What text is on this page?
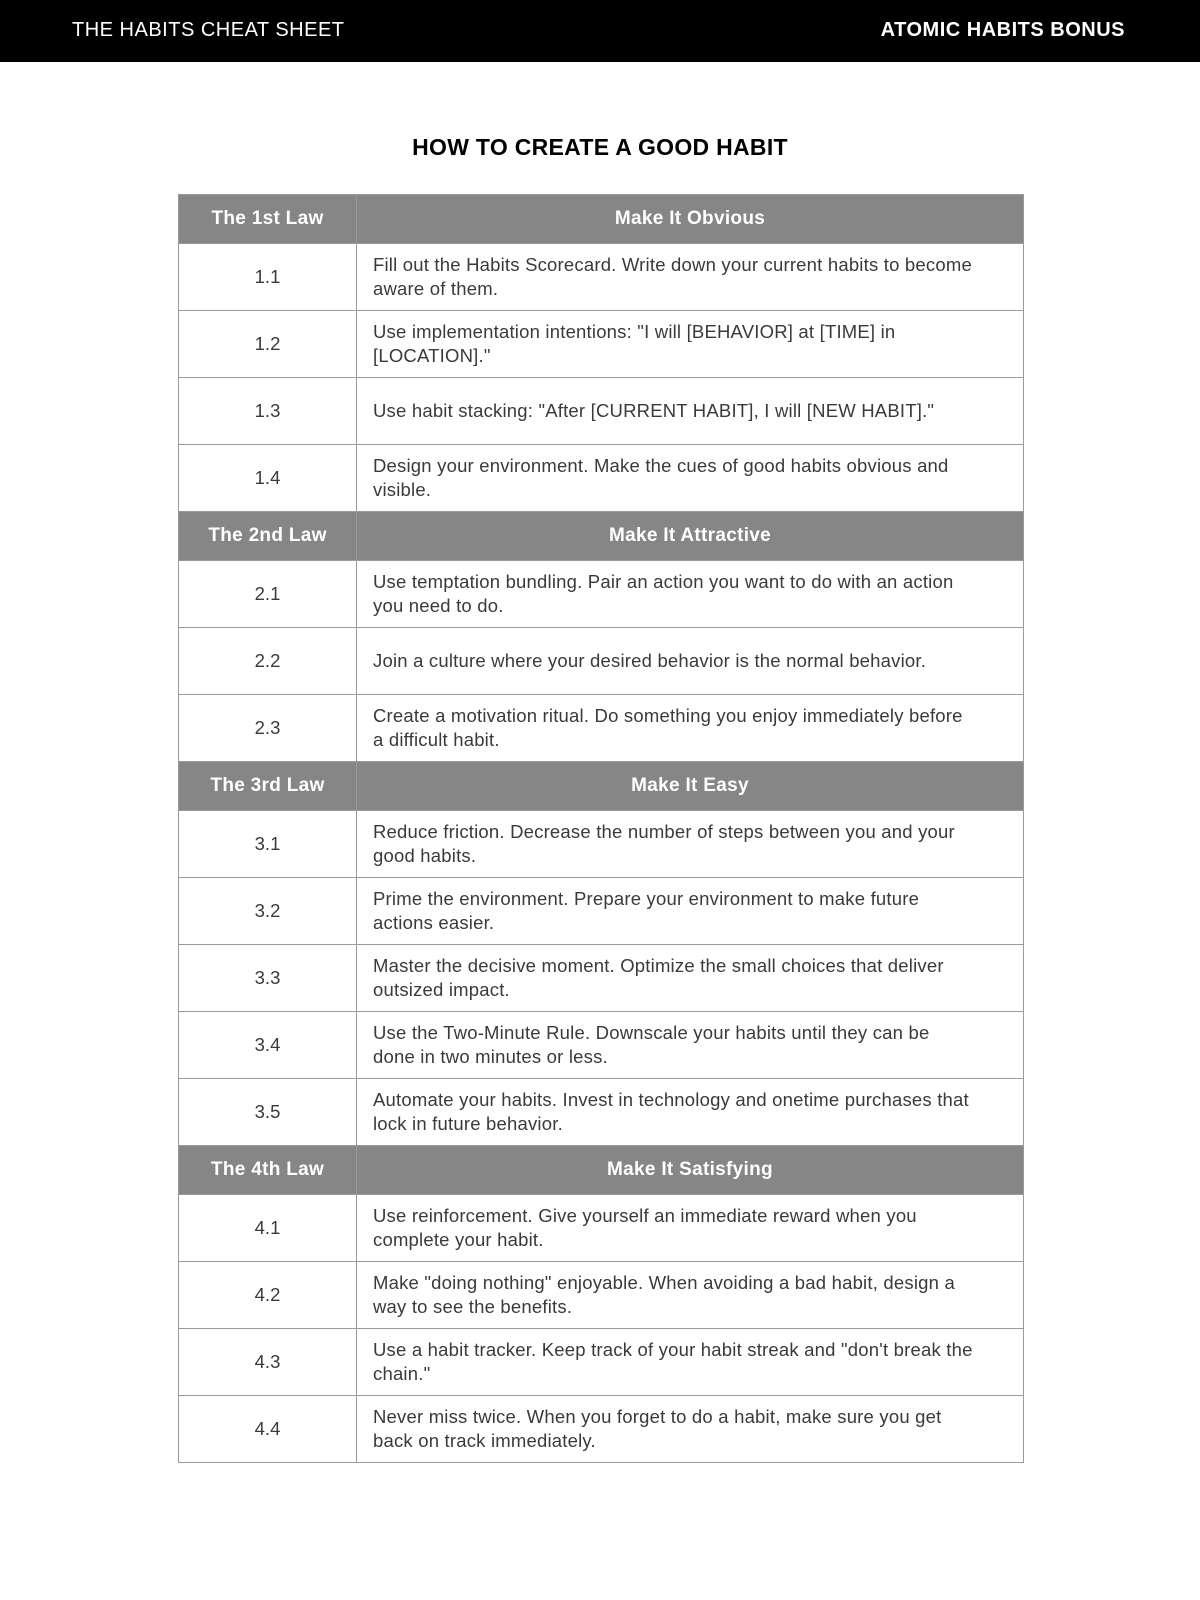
THE HABITS CHEAT SHEET	ATOMIC HABITS BONUS
HOW TO CREATE A GOOD HABIT
The 1st Law	Make It Obvious
1.1	Fill out the Habits Scorecard. Write down your current habits to become aware of them.
1.2	Use implementation intentions: "I will [BEHAVIOR] at [TIME] in [LOCATION]."
1.3	Use habit stacking: "After [CURRENT HABIT], I will [NEW HABIT]."
1.4	Design your environment. Make the cues of good habits obvious and visible.
The 2nd Law	Make It Attractive
2.1	Use temptation bundling. Pair an action you want to do with an action you need to do.
2.2	Join a culture where your desired behavior is the normal behavior.
2.3	Create a motivation ritual. Do something you enjoy immediately before a difficult habit.
The 3rd Law	Make It Easy
3.1	Reduce friction. Decrease the number of steps between you and your good habits.
3.2	Prime the environment. Prepare your environment to make future actions easier.
3.3	Master the decisive moment. Optimize the small choices that deliver outsized impact.
3.4	Use the Two-Minute Rule. Downscale your habits until they can be done in two minutes or less.
3.5	Automate your habits. Invest in technology and onetime purchases that lock in future behavior.
The 4th Law	Make It Satisfying
4.1	Use reinforcement. Give yourself an immediate reward when you complete your habit.
4.2	Make "doing nothing" enjoyable. When avoiding a bad habit, design a way to see the benefits.
4.3	Use a habit tracker. Keep track of your habit streak and "don't break the chain."
4.4	Never miss twice. When you forget to do a habit, make sure you get back on track immediately.
